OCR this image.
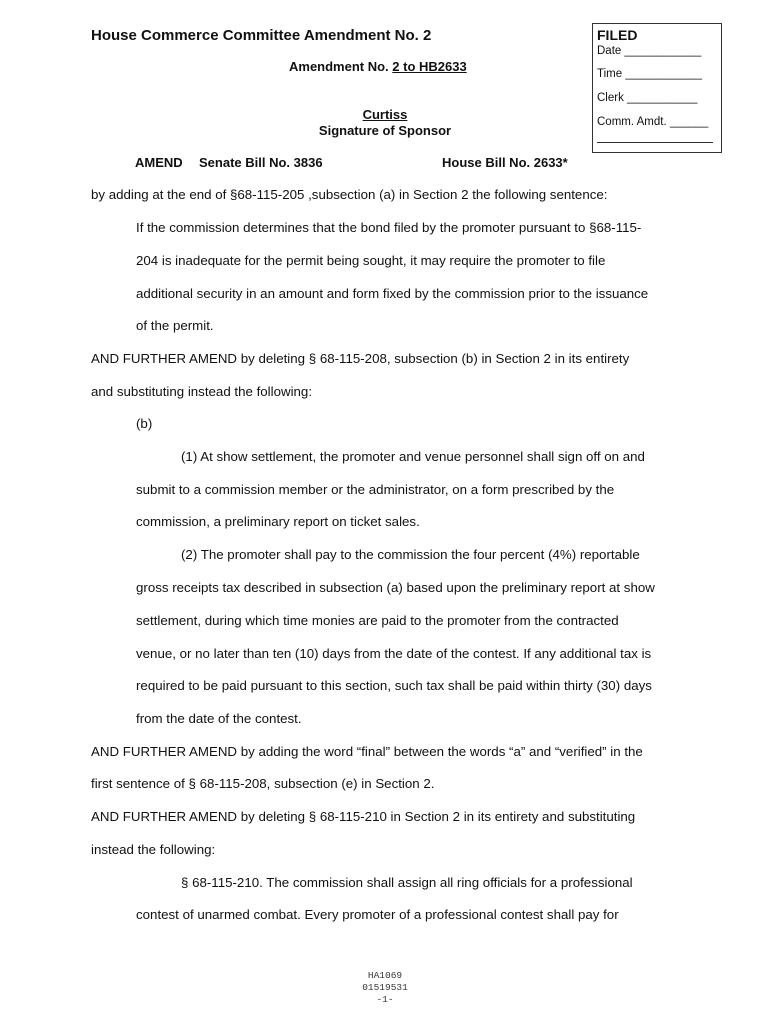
House Commerce Committee Amendment No. 2
Amendment No. 2 to HB2633
Curtiss
Signature of Sponsor
AMEND Senate Bill No. 3836	House Bill No. 2633*
FILED
Date ____________
Time ____________
Clerk ___________
Comm. Amdt. ______
by adding at the end of §68-115-205 ,subsection (a) in Section 2 the following sentence:
If the commission determines that the bond filed by the promoter pursuant to §68-115-
204 is inadequate for the permit being sought, it may require the promoter to file
additional security in an amount and form fixed by the commission prior to the issuance
of the permit.
AND FURTHER AMEND by deleting § 68-115-208, subsection (b) in Section 2 in its entirety
and substituting instead the following:
(b)
(1) At show settlement, the promoter and venue personnel shall sign off on and
submit to a commission member or the administrator, on a form prescribed by the
commission, a preliminary report on ticket sales.
(2) The promoter shall pay to the commission the four percent (4%) reportable
gross receipts tax described in subsection (a) based upon the preliminary report at show
settlement, during which time monies are paid to the promoter from the contracted
venue, or no later than ten (10) days from the date of the contest. If any additional tax is
required to be paid pursuant to this section, such tax shall be paid within thirty (30) days
from the date of the contest.
AND FURTHER AMEND by adding the word “final” between the words “a” and “verified” in the
first sentence of § 68-115-208, subsection (e) in Section 2.
AND FURTHER AMEND by deleting § 68-115-210 in Section 2 in its entirety and substituting
instead the following:
§ 68-115-210. The commission shall assign all ring officials for a professional
contest of unarmed combat. Every promoter of a professional contest shall pay for
HA1069
01519531
-1-
